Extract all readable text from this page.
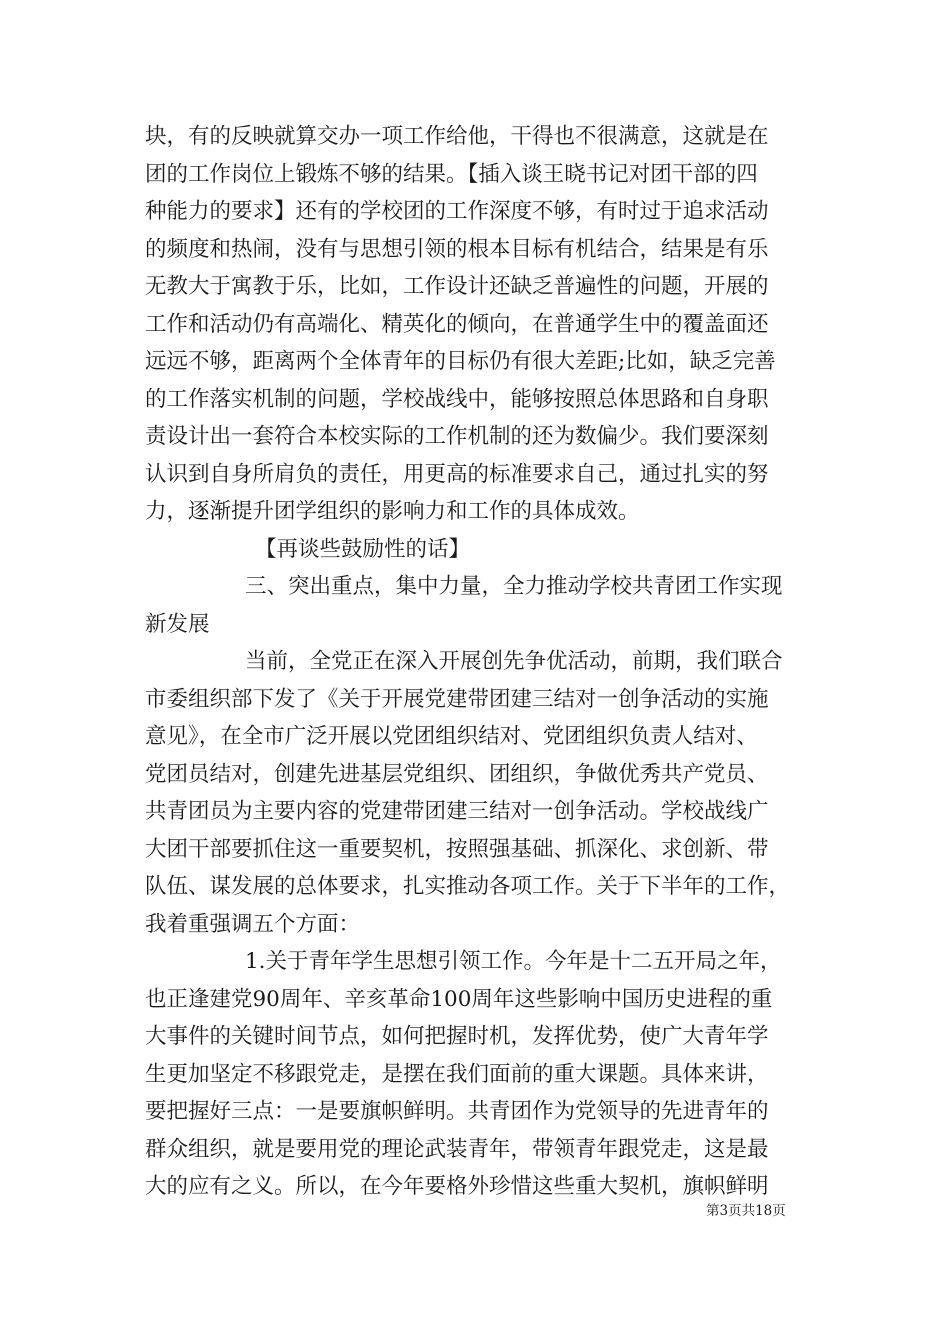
块，有的反映就算交办一项工作给他，干得也不很满意，这就是在
团的工作岗位上锻炼不够的结果。【插入谈王晓书记对团干部的四
种能力的要求】还有的学校团的工作深度不够，有时过于追求活动
的频度和热闹，没有与思想引领的根本目标有机结合，结果是有乐
无教大于寓教于乐，比如，工作设计还缺乏普遍性的问题，开展的
工作和活动仍有高端化、精英化的倾向，在普通学生中的覆盖面还
远远不够，距离两个全体青年的目标仍有很大差距;比如，缺乏完善
的工作落实机制的问题，学校战线中，能够按照总体思路和自身职
责设计出一套符合本校实际的工作机制的还为数偏少。我们要深刻
认识到自身所肩负的责任，用更高的标准要求自己，通过扎实的努
力，逐渐提升团学组织的影响力和工作的具体成效。
【再谈些鼓励性的话】
三、突出重点，集中力量，全力推动学校共青团工作实现
新发展
当前，全党正在深入开展创先争优活动，前期，我们联合
市委组织部下发了《关于开展党建带团建三结对一创争活动的实施
意见》，在全市广泛开展以党团组织结对、党团组织负责人结对、
党团员结对，创建先进基层党组织、团组织，争做优秀共产党员、
共青团员为主要内容的党建带团建三结对一创争活动。学校战线广
大团干部要抓住这一重要契机，按照强基础、抓深化、求创新、带
队伍、谋发展的总体要求，扎实推动各项工作。关于下半年的工作，
我着重强调五个方面：
1.关于青年学生思想引领工作。今年是十二五开局之年，
也正逢建党90周年、辛亥革命100周年这些影响中国历史进程的重
大事件的关键时间节点，如何把握时机，发挥优势，使广大青年学
生更加坚定不移跟党走，是摆在我们面前的重大课题。具体来讲，
要把握好三点：一是要旗帜鲜明。共青团作为党领导的先进青年的
群众组织，就是要用党的理论武装青年，带领青年跟党走，这是最
大的应有之义。所以，在今年要格外珍惜这些重大契机，旗帜鲜明
第3页共18页
